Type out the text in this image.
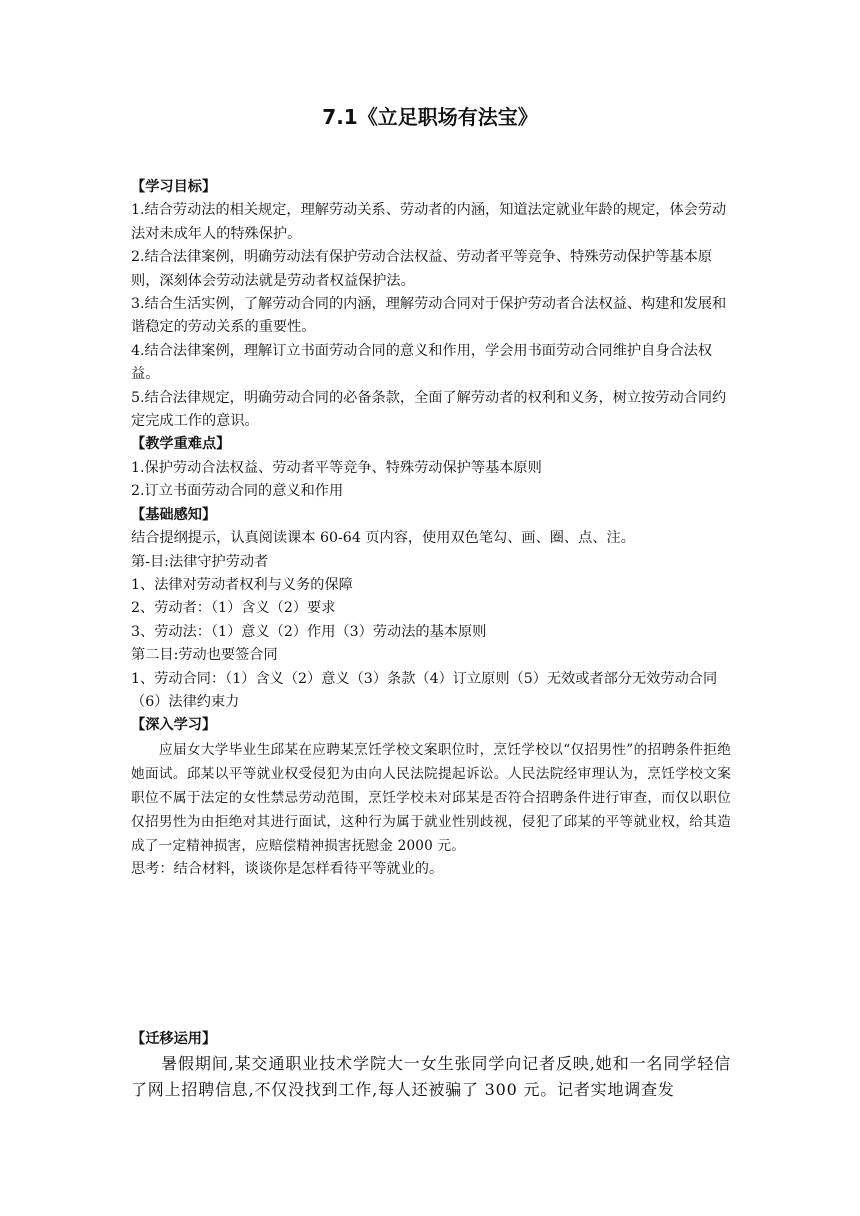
7.1《立足职场有法宝》

【学习目标】

1.结合劳动法的相关规定，理解劳动关系、劳动者的内涵，知道法定就业年龄的规定，体会劳动法对未成年人的特殊保护。

2.结合法律案例，明确劳动法有保护劳动合法权益、劳动者平等竞争、特殊劳动保护等基本原则，深刻体会劳动法就是劳动者权益保护法。

3.结合生活实例，了解劳动合同的内涵，理解劳动合同对于保护劳动者合法权益、构建和发展和谐稳定的劳动关系的重要性。

4.结合法律案例，理解订立书面劳动合同的意义和作用，学会用书面劳动合同维护自身合法权益。

5.结合法律规定，明确劳动合同的必备条款，全面了解劳动者的权利和义务，树立按劳动合同约定完成工作的意识。

【教学重难点】

1.保护劳动合法权益、劳动者平等竞争、特殊劳动保护等基本原则

2.订立书面劳动合同的意义和作用

【基础感知】

结合提纲提示，认真阅读课本 60-64 页内容，使用双色笔勾、画、圈、点、注。

第-目:法律守护劳动者

1、法律对劳动者权利与义务的保障

2、劳动者：（1）含义（2）要求

3、劳动法：（1）意义（2）作用（3）劳动法的基本原则

第二目:劳动也要签合同

1、劳动合同：（1）含义（2）意义（3）条款（4）订立原则（5）无效或者部分无效劳动合同（6）法律约束力

【深入学习】

应届女大学毕业生邱某在应聘某烹饪学校文案职位时，烹饪学校以“仅招男性”的招聘条件拒绝她面试。邱某以平等就业权受侵犯为由向人民法院提起诉讼。人民法院经审理认为，烹饪学校文案职位不属于法定的女性禁忌劳动范围，烹饪学校未对邱某是否符合招聘条件进行审查，而仅以职位仅招男性为由拒绝对其进行面试，这种行为属于就业性别歧视，侵犯了邱某的平等就业权，给其造成了一定精神损害，应赔偿精神损害抚慰金 2000 元。

思考：结合材料，谈谈你是怎样看待平等就业的。

【迁移运用】

暑假期间,某交通职业技术学院大一女生张同学向记者反映,她和一名同学轻信了网上招聘信息,不仅没找到工作,每人还被骗了 300 元。记者实地调查发
